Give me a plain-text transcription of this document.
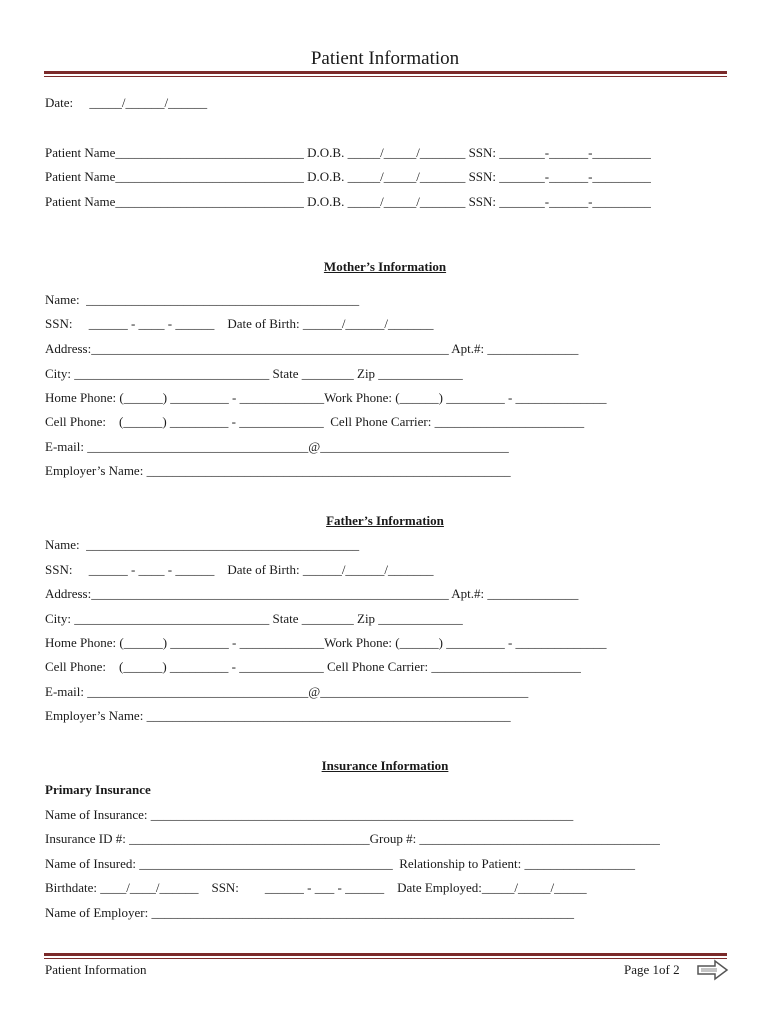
Patient Information
Date:     _____/______/______
Patient Name_____________________________ D.O.B. _____/_____/_______ SSN: _______-______-_________
Patient Name_____________________________ D.O.B. _____/_____/_______ SSN: _______-______-_________
Patient Name_____________________________ D.O.B. _____/_____/_______ SSN: _______-______-_________
Mother’s Information
Name:  __________________________________________
SSN:     ______ - ____ - ______    Date of Birth: ______/______/_______
Address:_______________________________________________________ Apt.#: ______________
City: ______________________________ State ________ Zip _____________
Home Phone: (______) _________ - _____________Work Phone: (______) _________ - ______________
Cell Phone:    (______) _________ - _____________  Cell Phone Carrier: _______________________
E-mail: __________________________________@_____________________________
Employer’s Name: ________________________________________________________
Father’s Information
Name:  __________________________________________
SSN:     ______ - ____ - ______    Date of Birth: ______/______/_______
Address:_______________________________________________________ Apt.#: ______________
City: ______________________________ State ________ Zip _____________
Home Phone: (______) _________ - _____________Work Phone: (______) _________ - ______________
Cell Phone:    (______) _________ - _____________ Cell Phone Carrier: _______________________
E-mail: __________________________________@________________________________
Employer’s Name: ________________________________________________________
Insurance Information
Primary Insurance
Name of Insurance: _________________________________________________________________
Insurance ID #: _____________________________________Group #: _____________________________________
Name of Insured: _______________________________________  Relationship to Patient: _________________
Birthdate: ____/____/______    SSN:        ______ - ___ - ______    Date Employed:_____/_____/_____
Name of Employer: _________________________________________________________________
Patient Information	Page 1of 2
